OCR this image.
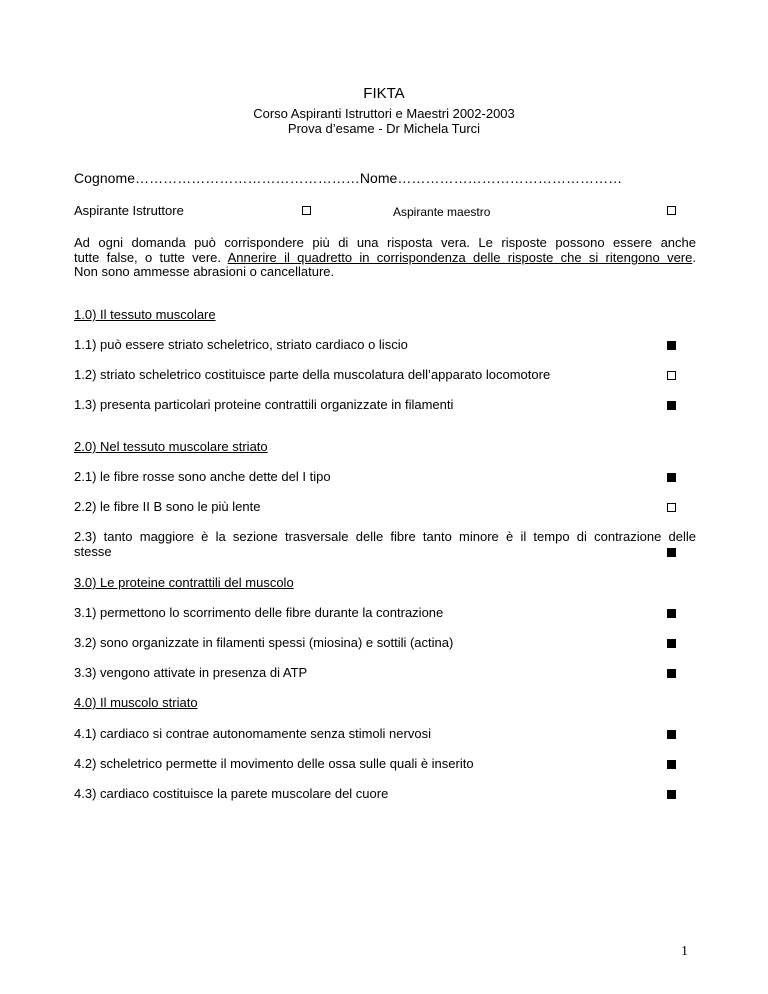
FIKTA
Corso Aspiranti Istruttori e Maestri 2002-2003
Prova d’esame - Dr Michela Turci
Cognome…………………………………………Nome…………………………………………
Aspirante Istruttore	Aspirante maestro
Ad ogni domanda può corrispondere più di una risposta vera. Le risposte possono essere anche
tutte false, o tutte vere. Annerire il quadretto in corrispondenza delle risposte che si ritengono vere.
Non sono ammesse abrasioni o cancellature.
1.0) Il tessuto muscolare
1.1) può essere striato scheletrico, striato cardiaco o liscio
1.2) striato scheletrico costituisce parte della muscolatura dell’apparato locomotore
1.3) presenta particolari proteine contrattili organizzate in filamenti
2.0) Nel tessuto muscolare striato
2.1) le fibre rosse sono anche dette del I tipo
2.2) le fibre II B sono le più lente
2.3) tanto maggiore è la sezione trasversale delle fibre tanto minore è il tempo di contrazione delle
stesse
3.0) Le proteine contrattili del muscolo
3.1) permettono lo scorrimento delle fibre durante la contrazione
3.2) sono organizzate in filamenti spessi (miosina) e sottili (actina)
3.3) vengono attivate in presenza di ATP
4.0) Il muscolo striato
4.1) cardiaco si contrae autonomamente senza stimoli nervosi
4.2) scheletrico permette il movimento delle ossa sulle quali è inserito
4.3) cardiaco costituisce la parete muscolare del cuore
1
